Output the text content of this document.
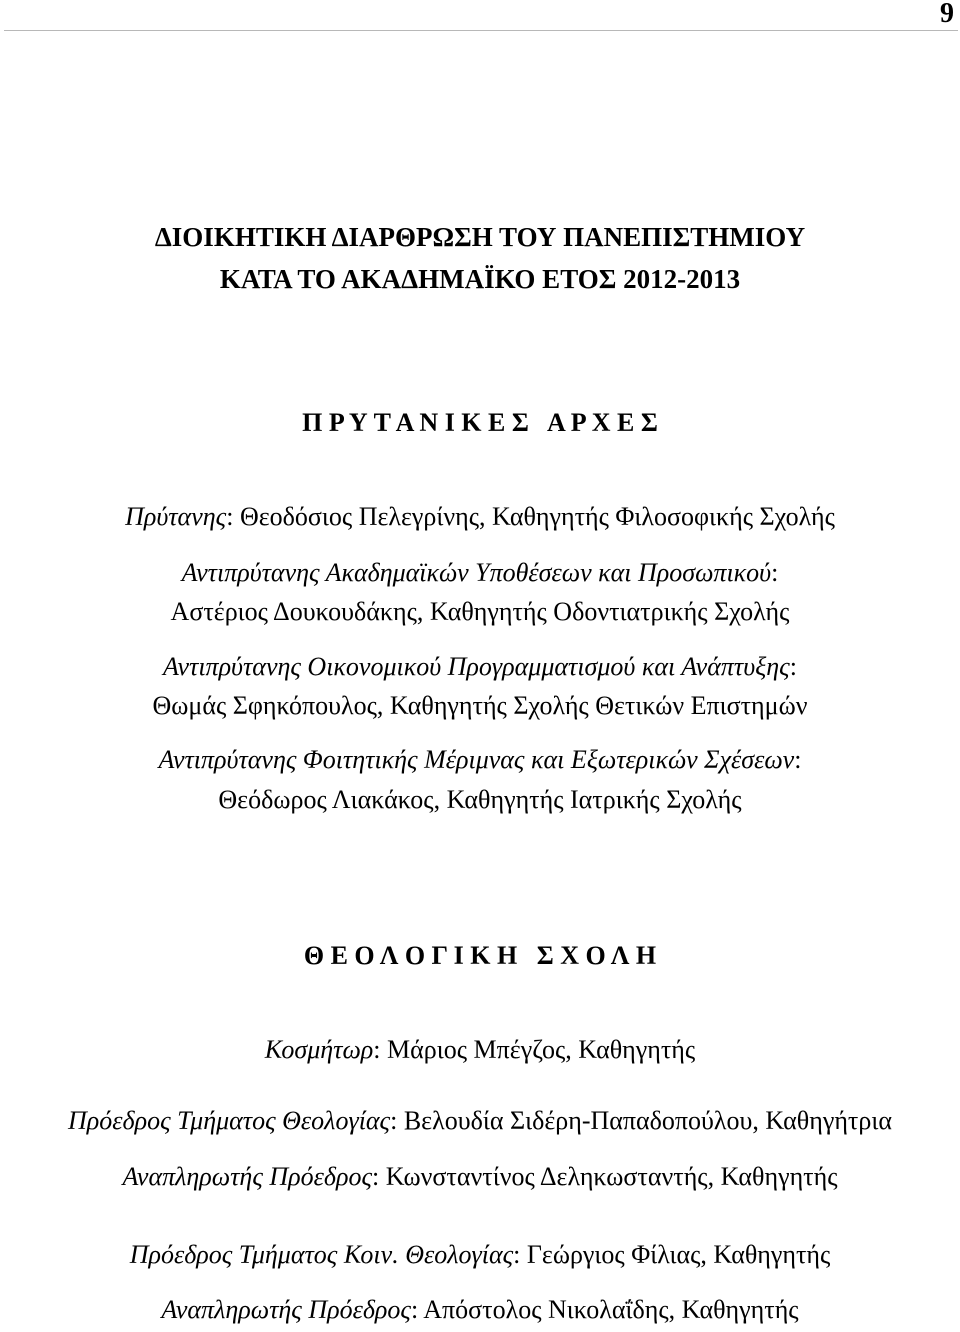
9
ΔΙΟΙΚΗΤΙΚΗ ΔΙΑΡΘΡΩΣΗ ΤΟΥ ΠΑΝΕΠΙΣΤΗΜΙΟΥ
ΚΑΤΑ ΤΟ ΑΚΑΔΗΜΑΪΚΟ ΕΤΟΣ 2012-2013
Π Ρ Υ Τ Α Ν Ι Κ Ε Σ   Α Ρ Χ Ε Σ
Πρύτανης: Θεοδόσιος Πελεγρίνης, Καθηγητής Φιλοσοφικής Σχολής
Αντιπρύτανης Ακαδημαϊκών Υποθέσεων και Προσωπικού:
Αστέριος Δουκουδάκης, Καθηγητής Οδοντιατρικής Σχολής
Αντιπρύτανης Οικονομικού Προγραμματισμού και Ανάπτυξης:
Θωμάς Σφηκόπουλος, Καθηγητής Σχολής Θετικών Επιστημών
Αντιπρύτανης Φοιτητικής Μέριμνας και Εξωτερικών Σχέσεων:
Θεόδωρος Λιακάκος, Καθηγητής Ιατρικής Σχολής
Θ Ε Ο Λ Ο Γ Ι Κ Η   Σ Χ Ο Λ Η
Κοσμήτωρ: Μάριος Μπέγζος, Καθηγητής
Πρόεδρος Τμήματος Θεολογίας: Βελουδία Σιδέρη-Παπαδοπούλου, Καθηγήτρια
Αναπληρωτής Πρόεδρος: Κωνσταντίνος Δεληκωσταντής, Καθηγητής
Πρόεδρος Τμήματος Κοιν. Θεολογίας: Γεώργιος Φίλιας, Καθηγητής
Αναπληρωτής Πρόεδρος: Απόστολος Νικολαΐδης, Καθηγητής
